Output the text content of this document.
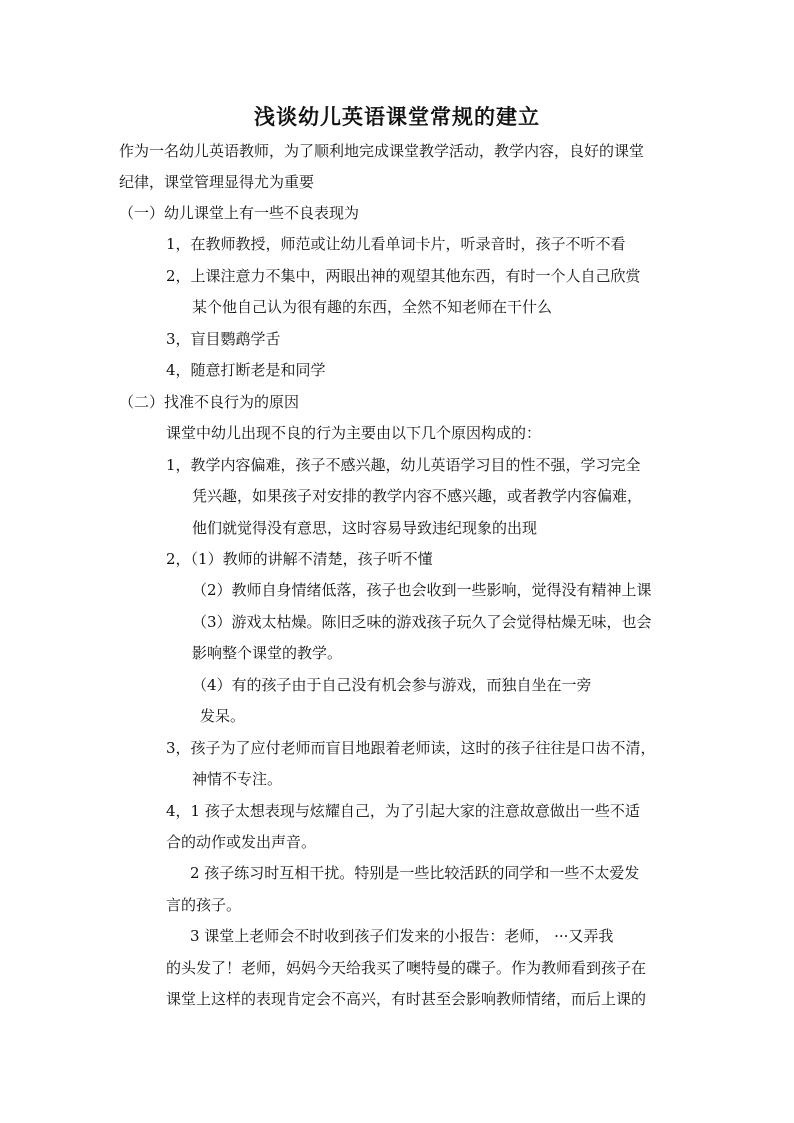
浅谈幼儿英语课堂常规的建立
作为一名幼儿英语教师，为了顺利地完成课堂教学活动，教学内容，良好的课堂
纪律，课堂管理显得尤为重要
（一）幼儿课堂上有一些不良表现为
1，在教师教授，师范或让幼儿看单词卡片，听录音时，孩子不听不看
2，上课注意力不集中，两眼出神的观望其他东西，有时一个人自己欣赏
某个他自己认为很有趣的东西，全然不知老师在干什么
3，盲目鹦鹉学舌
4，随意打断老是和同学
（二）找准不良行为的原因
课堂中幼儿出现不良的行为主要由以下几个原因构成的：
1，教学内容偏难，孩子不感兴趣，幼儿英语学习目的性不强，学习完全
凭兴趣，如果孩子对安排的教学内容不感兴趣，或者教学内容偏难，
他们就觉得没有意思，这时容易导致违纪现象的出现
2，（1）教师的讲解不清楚，孩子听不懂
（2）教师自身情绪低落，孩子也会收到一些影响，觉得没有精神上课
（3）游戏太枯燥。陈旧乏味的游戏孩子玩久了会觉得枯燥无味，也会
影响整个课堂的教学。
（4）有的孩子由于自己没有机会参与游戏，而独自坐在一旁
发呆。
3，孩子为了应付老师而盲目地跟着老师读，这时的孩子往往是口齿不清，
神情不专注。
4，1 孩子太想表现与炫耀自己，为了引起大家的注意故意做出一些不适
合的动作或发出声音。
2 孩子练习时互相干扰。特别是一些比较活跃的同学和一些不太爱发
言的孩子。
3 课堂上老师会不时收到孩子们发来的小报告：老师， ···又弄我
的头发了！老师，妈妈今天给我买了噢特曼的碟子。作为教师看到孩子在
课堂上这样的表现肯定会不高兴，有时甚至会影响教师情绪，而后上课的
